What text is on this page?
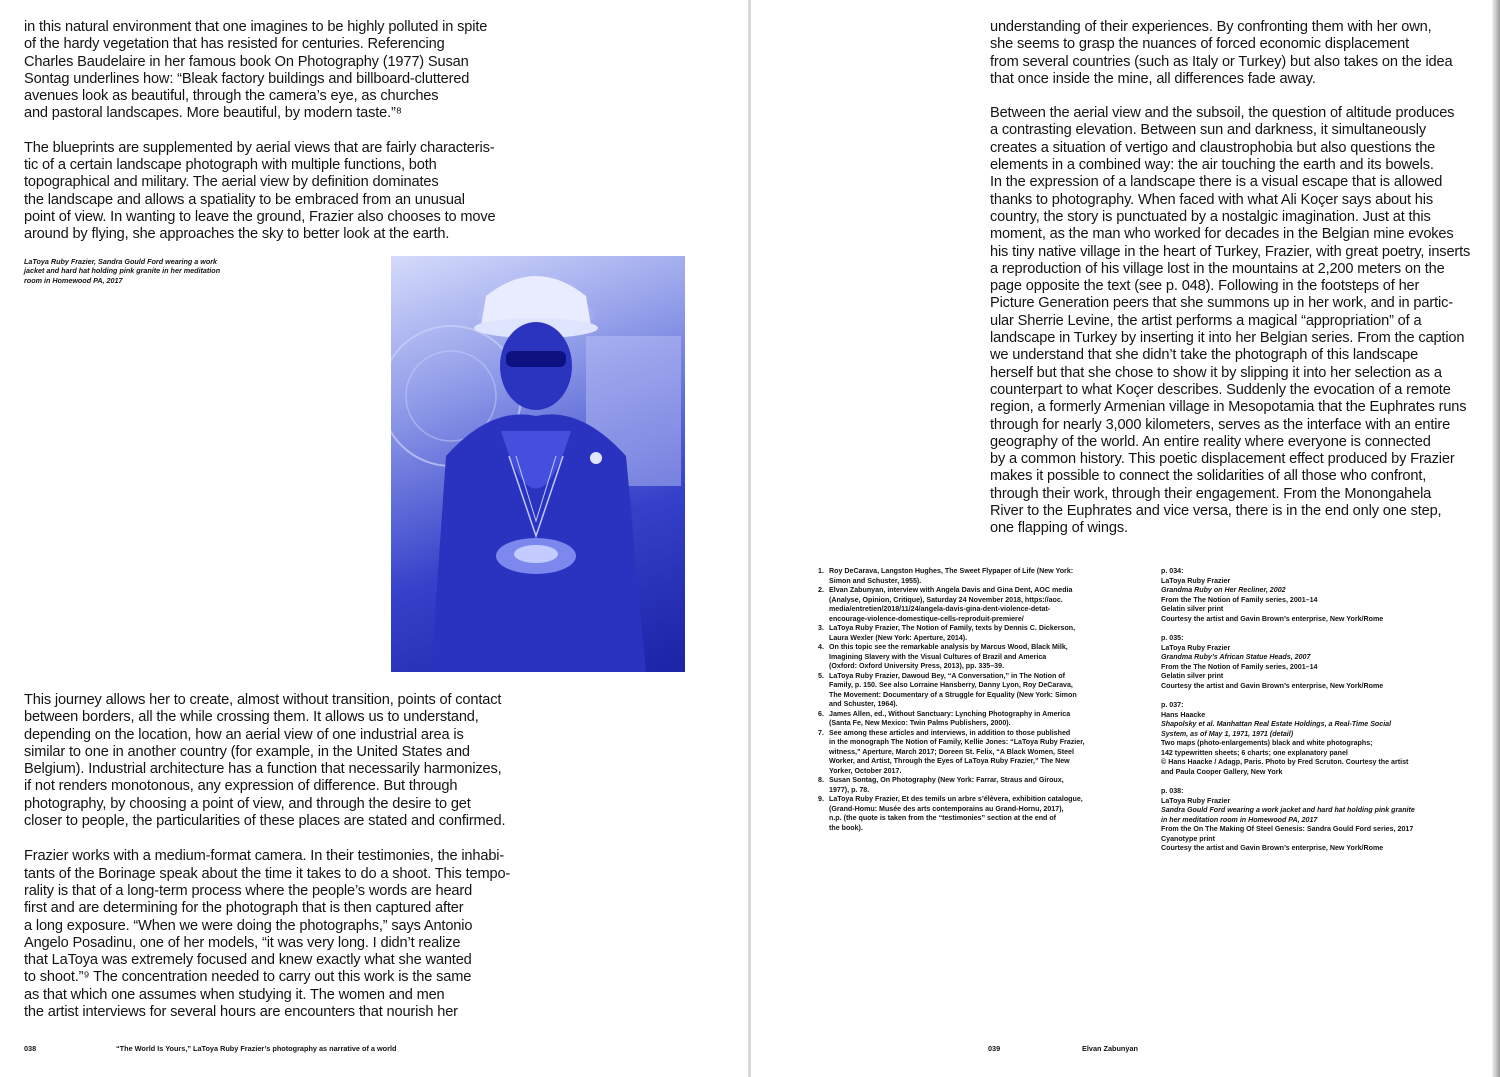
in this natural environment that one imagines to be highly polluted in spite
of the hardy vegetation that has resisted for centuries. Referencing
Charles Baudelaire in her famous book On Photography (1977) Susan
Sontag underlines how: “Bleak factory buildings and billboard-cluttered
avenues look as beautiful, through the camera’s eye, as churches
and pastoral landscapes. More beautiful, by modern taste.”⁸

The blueprints are supplemented by aerial views that are fairly characteris-
tic of a certain landscape photograph with multiple functions, both
topographical and military. The aerial view by definition dominates
the landscape and allows a spatiality to be embraced from an unusual
point of view. In wanting to leave the ground, Frazier also chooses to move
around by flying, she approaches the sky to better look at the earth.

LaToya Ruby Frazier, Sandra Gould Ford wearing a work
jacket and hard hat holding pink granite in her meditation
room in Homewood PA, 2017

This journey allows her to create, almost without transition, points of contact
between borders, all the while crossing them. It allows us to understand,
depending on the location, how an aerial view of one industrial area is
similar to one in another country (for example, in the United States and
Belgium). Industrial architecture has a function that necessarily harmonizes,
if not renders monotonous, any expression of difference. But through
photography, by choosing a point of view, and through the desire to get
closer to people, the particularities of these places are stated and confirmed.

Frazier works with a medium-format camera. In their testimonies, the inhabi-
tants of the Borinage speak about the time it takes to do a shoot. This tempo-
rality is that of a long-term process where the people’s words are heard
first and are determining for the photograph that is then captured after
a long exposure. “When we were doing the photographs,” says Antonio
Angelo Posadinu, one of her models, “it was very long. I didn’t realize
that LaToya was extremely focused and knew exactly what she wanted
to shoot.”⁹ The concentration needed to carry out this work is the same
as that which one assumes when studying it. The women and men
the artist interviews for several hours are encounters that nourish her

038	“The World Is Yours,” LaToya Ruby Frazier’s photography as narrative of a world

understanding of their experiences. By confronting them with her own,
she seems to grasp the nuances of forced economic displacement
from several countries (such as Italy or Turkey) but also takes on the idea
that once inside the mine, all differences fade away.

Between the aerial view and the subsoil, the question of altitude produces
a contrasting elevation. Between sun and darkness, it simultaneously
creates a situation of vertigo and claustrophobia but also questions the
elements in a combined way: the air touching the earth and its bowels.
In the expression of a landscape there is a visual escape that is allowed
thanks to photography. When faced with what Ali Koçer says about his
country, the story is punctuated by a nostalgic imagination. Just at this
moment, as the man who worked for decades in the Belgian mine evokes
his tiny native village in the heart of Turkey, Frazier, with great poetry, inserts
a reproduction of his village lost in the mountains at 2,200 meters on the
page opposite the text (see p. 048). Following in the footsteps of her
Picture Generation peers that she summons up in her work, and in partic-
ular Sherrie Levine, the artist performs a magical “appropriation” of a
landscape in Turkey by inserting it into her Belgian series. From the caption
we understand that she didn’t take the photograph of this landscape
herself but that she chose to show it by slipping it into her selection as a
counterpart to what Koçer describes. Suddenly the evocation of a remote
region, a formerly Armenian village in Mesopotamia that the Euphrates runs
through for nearly 3,000 kilometers, serves as the interface with an entire
geography of the world. An entire reality where everyone is connected
by a common history. This poetic displacement effect produced by Frazier
makes it possible to connect the solidarities of all those who confront,
through their work, through their engagement. From the Monongahela
River to the Euphrates and vice versa, there is in the end only one step,
one flapping of wings.

1. Roy DeCarava, Langston Hughes, The Sweet Flypaper of Life (New York:
Simon and Schuster, 1955).
2. Elvan Zabunyan, interview with Angela Davis and Gina Dent, AOC media
(Analyse, Opinion, Critique), Saturday 24 November 2018, https://aoc.
media/entretien/2018/11/24/angela-davis-gina-dent-violence-detat-
encourage-violence-domestique-cells-reproduit-premiere/
3. LaToya Ruby Frazier, The Notion of Family, texts by Dennis C. Dickerson,
Laura Wexler (New York: Aperture, 2014).
4. On this topic see the remarkable analysis by Marcus Wood, Black Milk,
Imagining Slavery with the Visual Cultures of Brazil and America
(Oxford: Oxford University Press, 2013), pp. 335–39.
5. LaToya Ruby Frazier, Dawoud Bey, “A Conversation,” in The Notion of
Family, p. 150. See also Lorraine Hansberry, Danny Lyon, Roy DeCarava,
The Movement: Documentary of a Struggle for Equality (New York: Simon
and Schuster, 1964).
6. James Allen, ed., Without Sanctuary: Lynching Photography in America
(Santa Fe, New Mexico: Twin Palms Publishers, 2000).
7. See among these articles and interviews, in addition to those published
in the monograph The Notion of Family, Kellie Jones: “LaToya Ruby Frazier,
witness,” Aperture, March 2017; Doreen St. Felix, “A Black Women, Steel
Worker, and Artist, Through the Eyes of LaToya Ruby Frazier,” The New
Yorker, October 2017.
8. Susan Sontag, On Photography (New York: Farrar, Straus and Giroux,
1977), p. 78.
9. LaToya Ruby Frazier, Et des temils un arbre s’élèvera, exhibition catalogue,
(Grand-Homu: Musée des arts contemporains au Grand-Hornu, 2017),
n.p. (the quote is taken from the “testimonies” section at the end of
the book).
p. 034:
LaToya Ruby Frazier
Grandma Ruby on Her Recliner, 2002
From the The Notion of Family series, 2001–14
Gelatin silver print
Courtesy the artist and Gavin Brown’s enterprise, New York/Rome
p. 035:
LaToya Ruby Frazier
Grandma Ruby’s African Statue Heads, 2007
From the The Notion of Family series, 2001–14
Gelatin silver print
Courtesy the artist and Gavin Brown’s enterprise, New York/Rome
p. 037:
Hans Haacke
Shapolsky et al. Manhattan Real Estate Holdings, a Real-Time Social
System, as of May 1, 1971, 1971 (detail)
Two maps (photo-enlargements) black and white photographs;
142 typewritten sheets; 6 charts; one explanatory panel
© Hans Haacke / Adagp, Paris. Photo by Fred Scruton. Courtesy the artist
and Paula Cooper Gallery, New York
p. 038:
LaToya Ruby Frazier
Sandra Gould Ford wearing a work jacket and hard hat holding pink granite
in her meditation room in Homewood PA, 2017
From the On The Making Of Steel Genesis: Sandra Gould Ford series, 2017
Cyanotype print
Courtesy the artist and Gavin Brown’s enterprise, New York/Rome
039	Elvan Zabunyan
